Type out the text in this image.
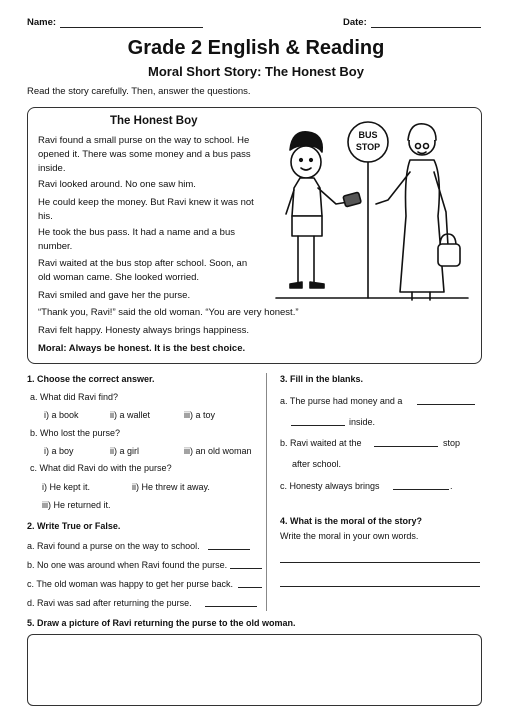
Name:	Date:
Grade 2 English & Reading
Moral Short Story: The Honest Boy
Read the story carefully. Then, answer the questions.
The Honest Boy
Ravi found a small purse on the way to school. He opened it. There was some money and a bus pass inside.
Ravi looked around. No one saw him.
He could keep the money. But Ravi knew it was not his.
He took the bus pass. It had a name and a bus number.
Ravi waited at the bus stop after school. Soon, an old woman came. She looked worried.
Ravi smiled and gave her the purse.
“Thank you, Ravi!” said the old woman. “You are very honest.”
Ravi felt happy. Honesty always brings happiness.
Moral: Always be honest. It is the best choice.
BUS
STOP
1. Choose the correct answer.
a. What did Ravi find?
i) a book	ii) a wallet	iii) a toy
b. Who lost the purse?
i) a boy	ii) a girl	iii) an old woman
c. What did Ravi do with the purse?
i) He kept it.	ii) He threw it away.
iii) He returned it.
2. Write True or False.
a. Ravi found a purse on the way to school.
b. No one was around when Ravi found the purse.
c. The old woman was happy to get her purse back.
d. Ravi was sad after returning the purse.
3. Fill in the blanks.
a. The purse had money and a
inside.
b. Ravi waited at the	stop
after school.
c. Honesty always brings	.
4. What is the moral of the story?
Write the moral in your own words.
5. Draw a picture of Ravi returning the purse to the old woman.
